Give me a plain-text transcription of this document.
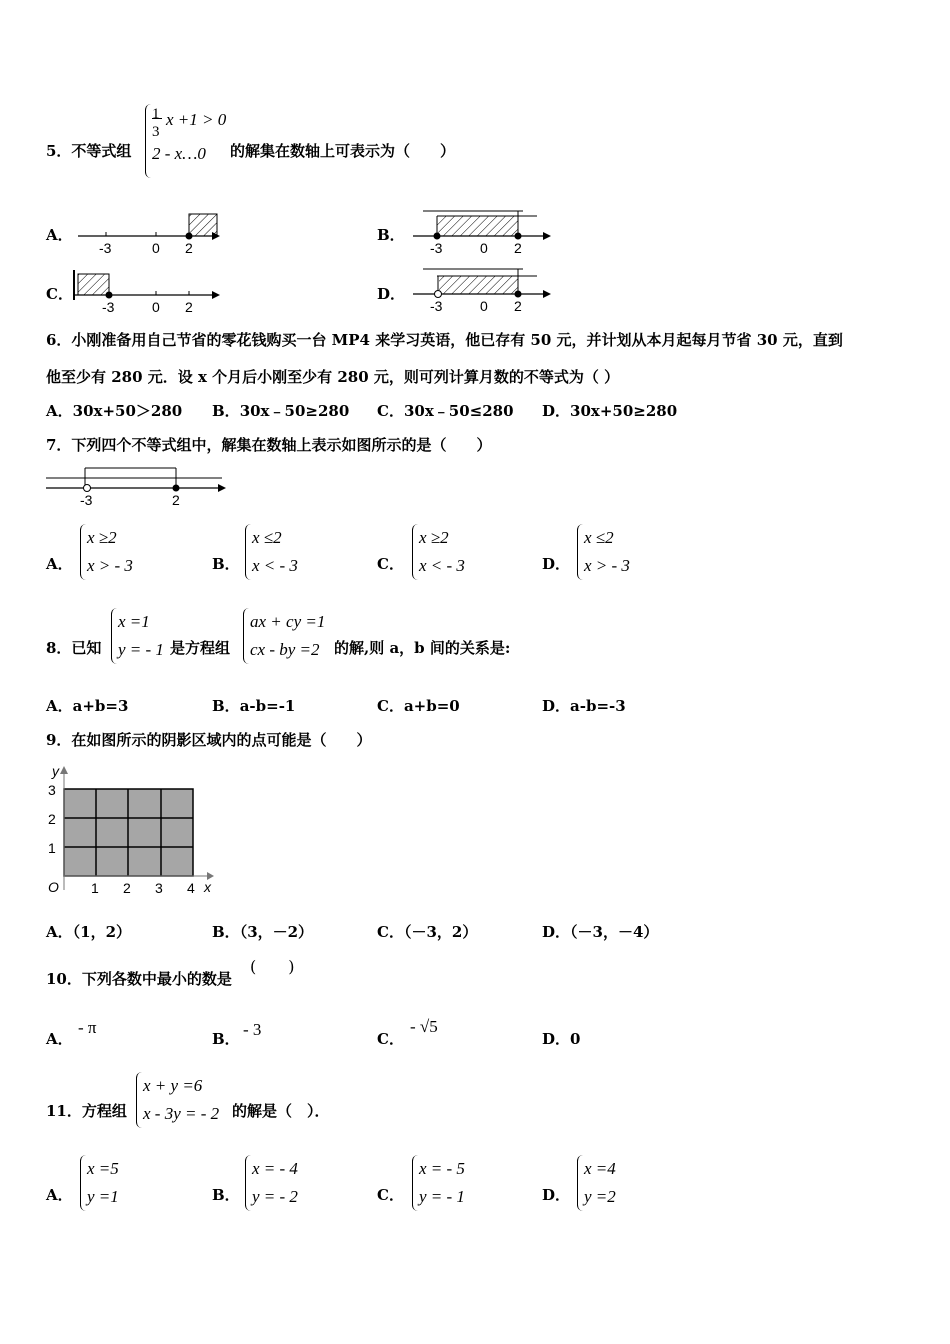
5．不等式组
1
3
x +1 > 0
2 - x…0 的解集在数轴上可表示为（　　）
A．
-3	0 2
B．
-3	0 2
C．
-3	0 2
D．
-3	0 2
6．小刚准备用自己节省的零花钱购买一台 MP4 来学习英语，他已存有 50 元，并计划从本月起每月节省 30 元，直到
他至少有 280 元．设 x 个月后小刚至少有 280 元，则可列计算月数的不等式为（ ）
A．30x+50＞280 B．30x﹣50≥280 C．30x﹣50≤280 D．30x+50≥280
7．下列四个不等式组中，解集在数轴上表示如图所示的是（　　）
-3	2
A．
x ≥2
x > - 3	B．
x ≤2
x < - 3	C．
x ≥2
x < - 3	D．
x ≤2
x > - 3
8．已知
x =1
y = - 1 是方程组
ax + cy =1
cx - by =2 的解,则 a，b 间的关系是:
A．a+b=3	B．a-b=-1	C．a+b=0	D．a-b=-3
9．在如图所示的阴影区域内的点可能是（　　）
y
x
O
3
2
1
1 2 3 4
A．（1，2）	B．（3，－2）	C．（－3，2）	D．（－3，－4）
10．下列各数中最小的数是
(　　)
A．
- π
B． - 3	C．
- √5
D．0
11．方程组
x + y =6
x - 3y = - 2 的解是（　）．
A．
x =5
y =1	B．
x = - 4
y = - 2	C．
x = - 5
y = - 1	D．
x =4
y =2
